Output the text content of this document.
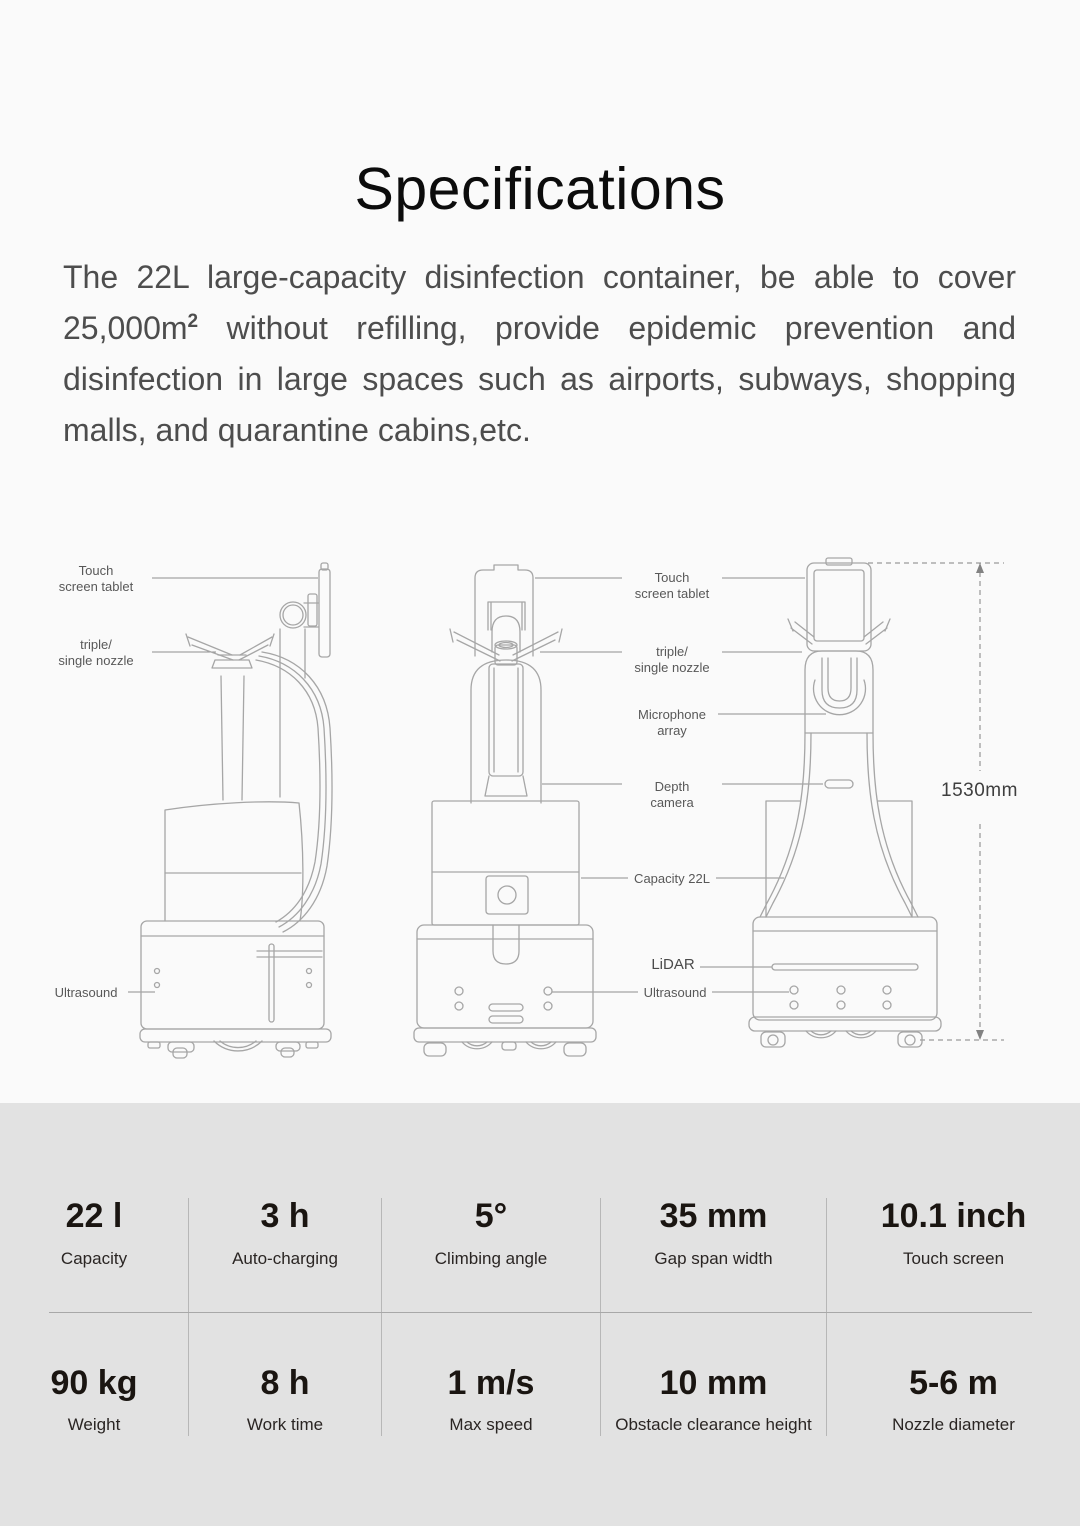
Specifications

The 22L large-capacity disinfection container, be able to cover $25,000m^2$ without refilling, provide epidemic prevention and disinfection in large spaces such as airports, subways, shopping malls, and quarantine cabins,etc.

Touch
screen tablet
triple/
single nozzle
Ultrasound
Touch
screen tablet
triple/
single nozzle
Microphone
array
Depth
camera
Capacity 22L
LiDAR
Ultrasound
1530mm
22 l
Capacity
3 h
Auto-charging
5°
Climbing angle
35 mm
Gap span width
10.1 inch
Touch screen
90 kg
Weight
8 h
Work time
1 m/s
Max speed
10 mm
Obstacle clearance height
5-6 m
Nozzle diameter
